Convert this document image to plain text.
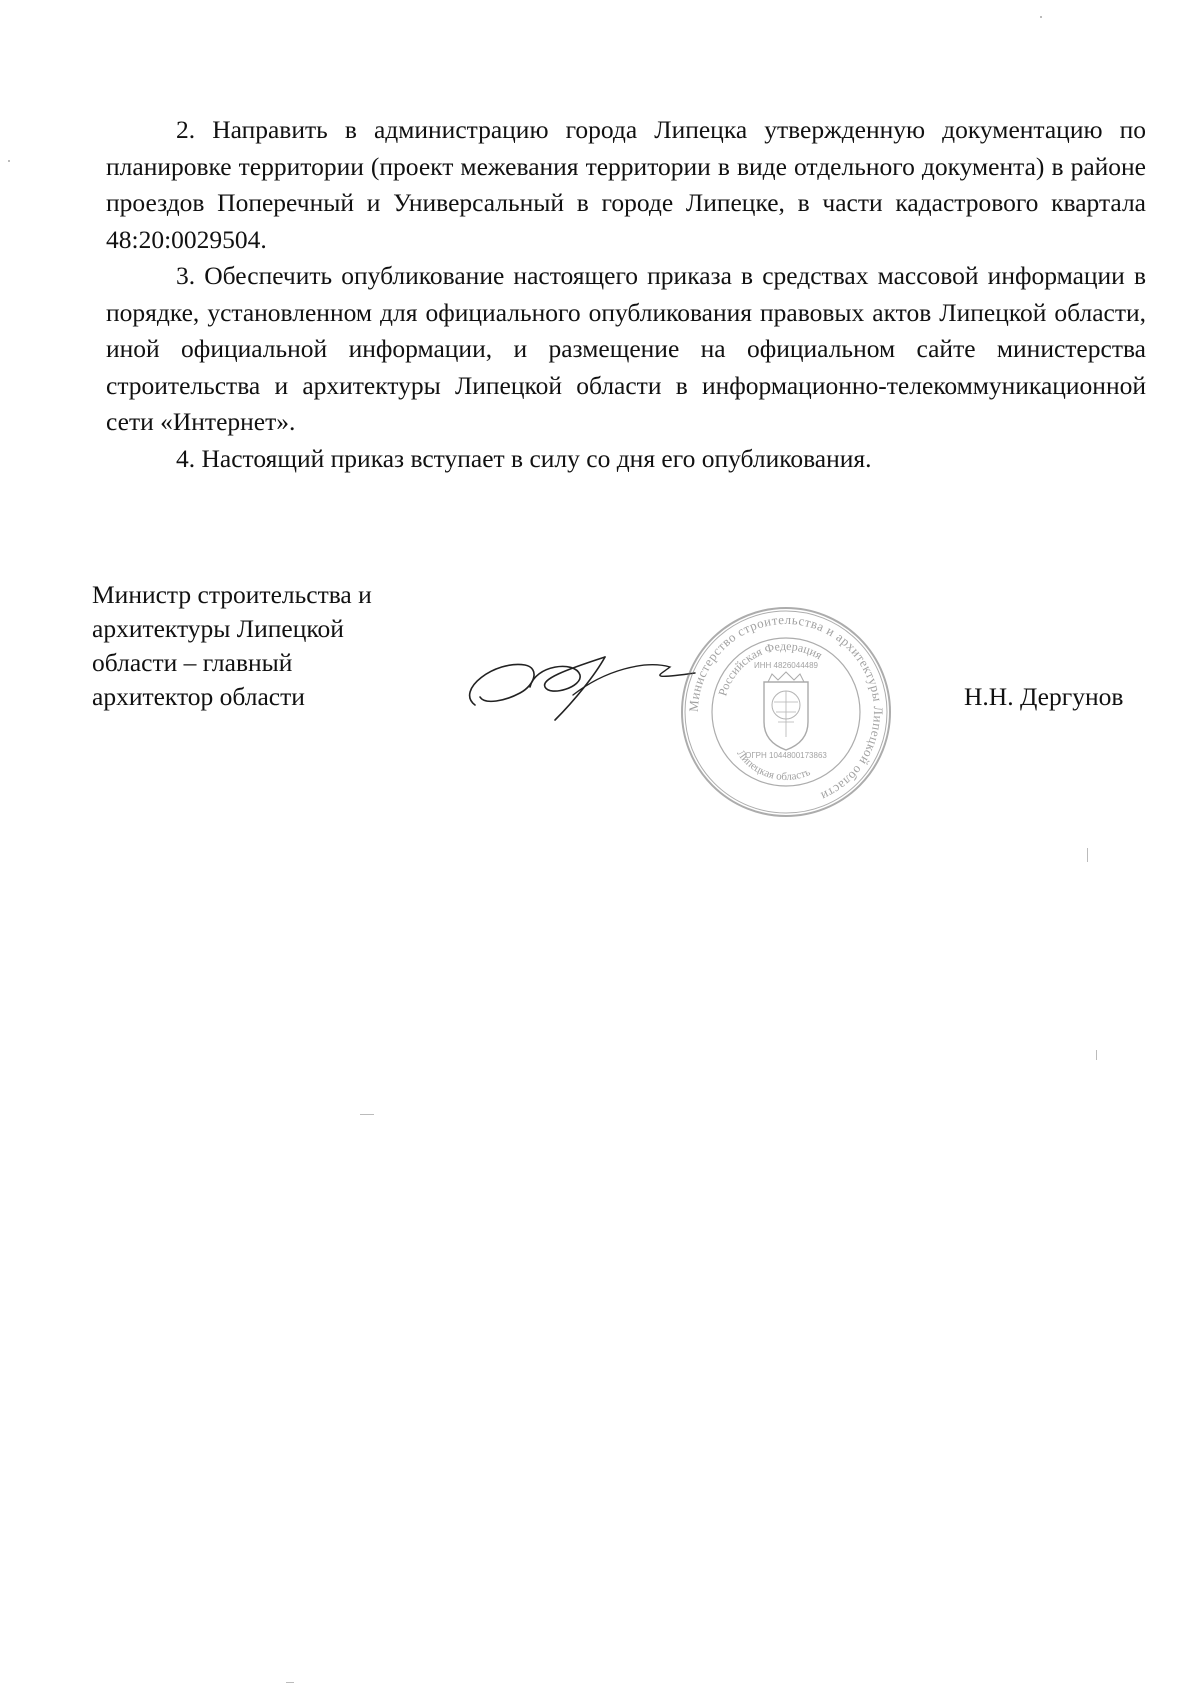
2. Направить в администрацию города Липецка утвержденную документацию по планировке территории (проект межевания территории в виде отдельного документа) в районе проездов Поперечный и Универсальный в городе Липецке, в части кадастрового квартала 48:20:0029504.

3. Обеспечить опубликование настоящего приказа в средствах массовой информации в порядке, установленном для официального опубликования правовых актов Липецкой области, иной официальной информации, и размещение на официальном сайте министерства строительства и архитектуры Липецкой области в информационно-телекоммуникационной сети «Интернет».

4. Настоящий приказ вступает в силу со дня его опубликования.

Министр строительства и
архитектуры Липецкой
области – главный
архитектор области	Министерство строительства и архитектуры Липецкой области
Российская Федерация
ИНН 4826044489
ОГРН 1044800173863
Липецкая область
Н.Н. Дергунов
